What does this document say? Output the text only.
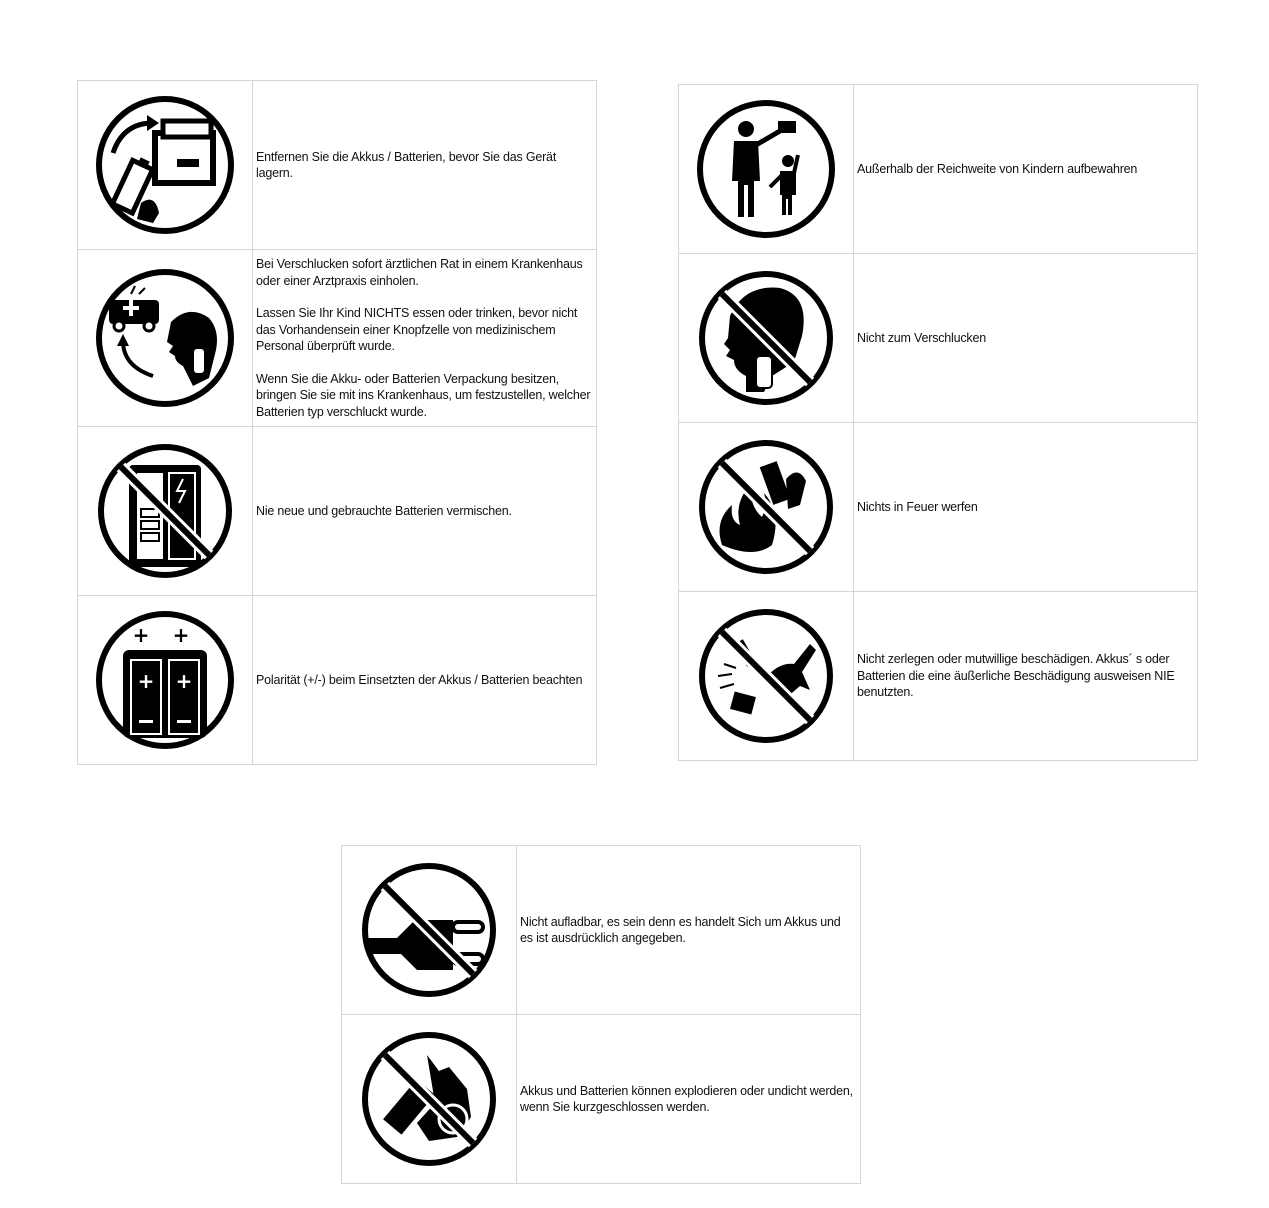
Entfernen Sie die Akkus / Batterien, bevor Sie das Gerät lagern.

Bei Verschlucken sofort ärztlichen Rat in einem Krankenhaus oder einer Arztpraxis einholen.

Lassen Sie Ihr Kind NICHTS essen oder trinken, bevor nicht das Vorhandensein einer Knopfzelle von medizinischem Personal überprüft wurde.

Wenn Sie die Akku- oder Batterien Verpackung besitzen, bringen Sie sie mit ins Krankenhaus, um festzustellen, welcher Batterien typ verschluckt wurde.

Nie neue und gebrauchte Batterien vermischen.

+ +
+ +	Polarität (+/-) beim Einsetzten der Akkus / Batterien beachten

Außerhalb der Reichweite von Kindern aufbewahren

Nicht zum Verschlucken

Nichts in Feuer werfen

Nicht zerlegen oder mutwillige beschädigen. Akkus´ s oder Batterien die eine äußerliche Beschädigung ausweisen NIE benutzten.

Nicht aufladbar, es sein denn es handelt Sich um Akkus und es ist ausdrücklich angegeben.

Akkus und Batterien können explodieren oder undicht werden, wenn Sie kurzgeschlossen werden.
